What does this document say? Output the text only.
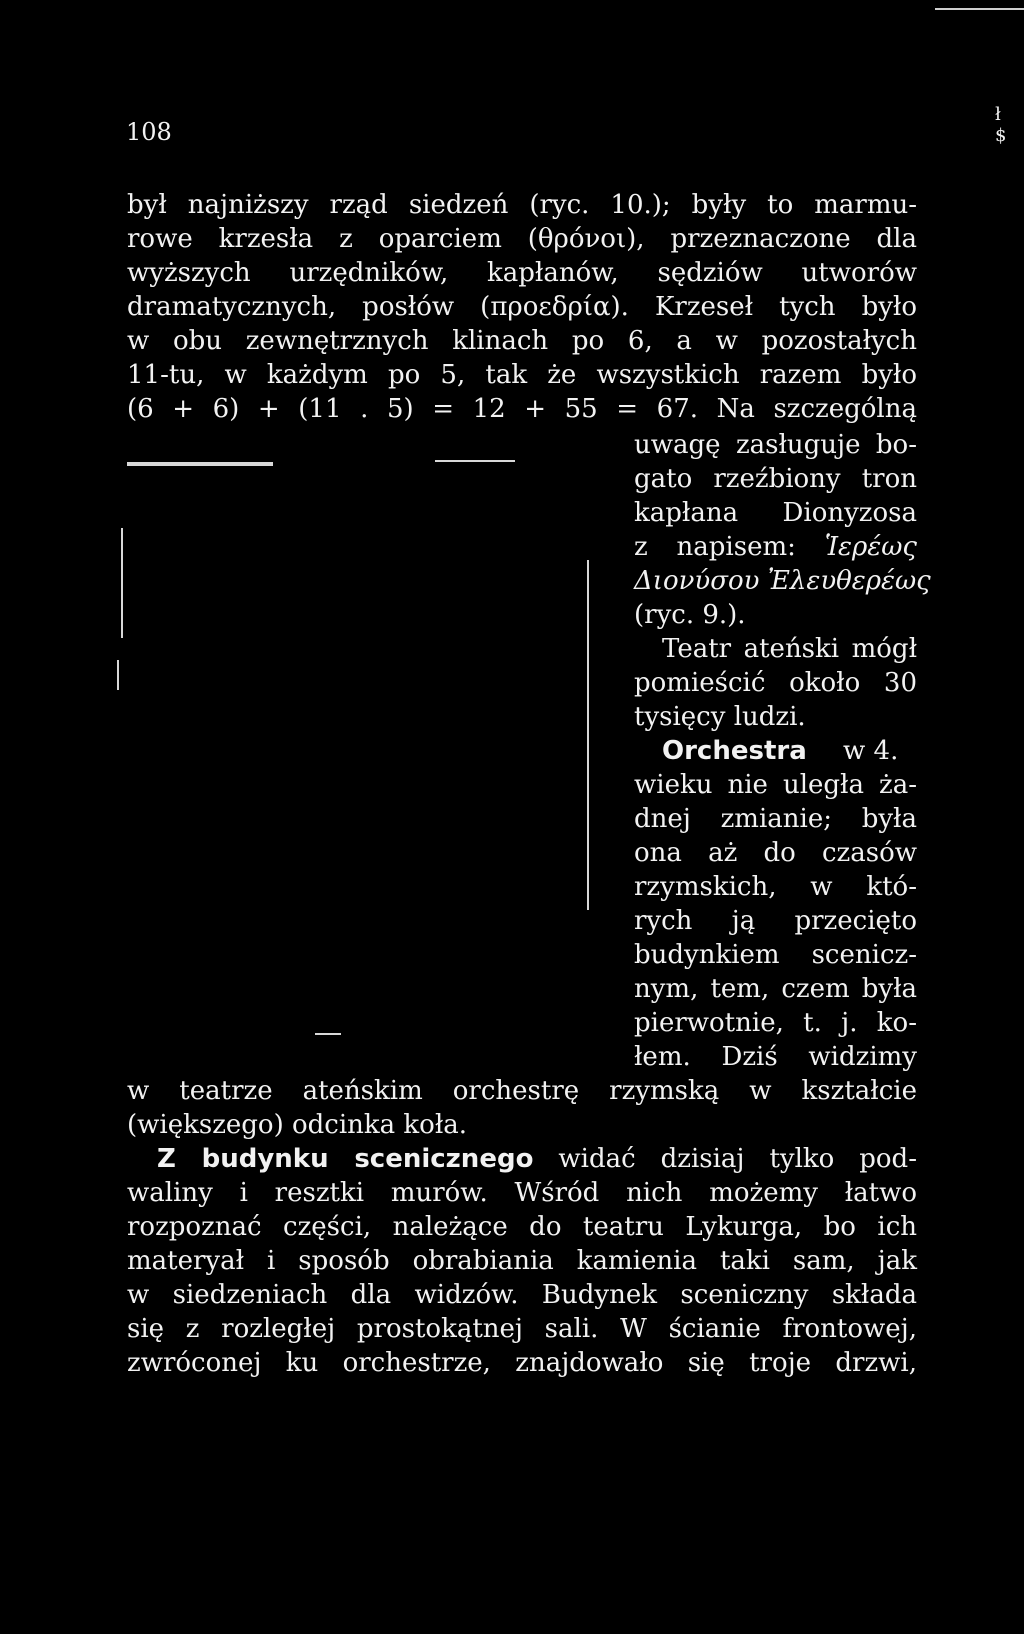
108
ł
$
był najniższy rząd siedzeń (ryc. 10.); były to marmu-
rowe krzesła z oparciem (θρόνοι), przeznaczone dla
wyższych urzędników, kapłanów, sędziów utworów
dramatycznych, posłów (προεδρία). Krzeseł tych było
w obu zewnętrznych klinach po 6, a w pozostałych
11-tu, w każdym po 5, tak że wszystkich razem było
(6 + 6) + (11 . 5) = 12 + 55 = 67. Na szczególną
uwagę zasługuje bo-
gato rzeźbiony tron
kapłana Dionyzosa
z napisem: Ἱερέως
Διονύσου Ἐλευθερέως
(ryc. 9.).
Teatr ateński mógł
pomieścić około 30
tysięcy ludzi.
Orchestra w 4.
wieku nie uległa ża-
dnej zmianie; była
ona aż do czasów
rzymskich, w któ-
rych ją przecięto
budynkiem scenicz-
nym, tem, czem była
pierwotnie, t. j. ko-
łem. Dziś widzimy
w teatrze ateńskim orchestrę rzymską w kształcie
(większego) odcinka koła.
Z budynku scenicznego widać dzisiaj tylko pod-
waliny i resztki murów. Wśród nich możemy łatwo
rozpoznać części, należące do teatru Lykurga, bo ich
materyał i sposób obrabiania kamienia taki sam, jak
w siedzeniach dla widzów. Budynek sceniczny składa
się z rozległej prostokątnej sali. W ścianie frontowej,
zwróconej ku orchestrze, znajdowało się troje drzwi,
